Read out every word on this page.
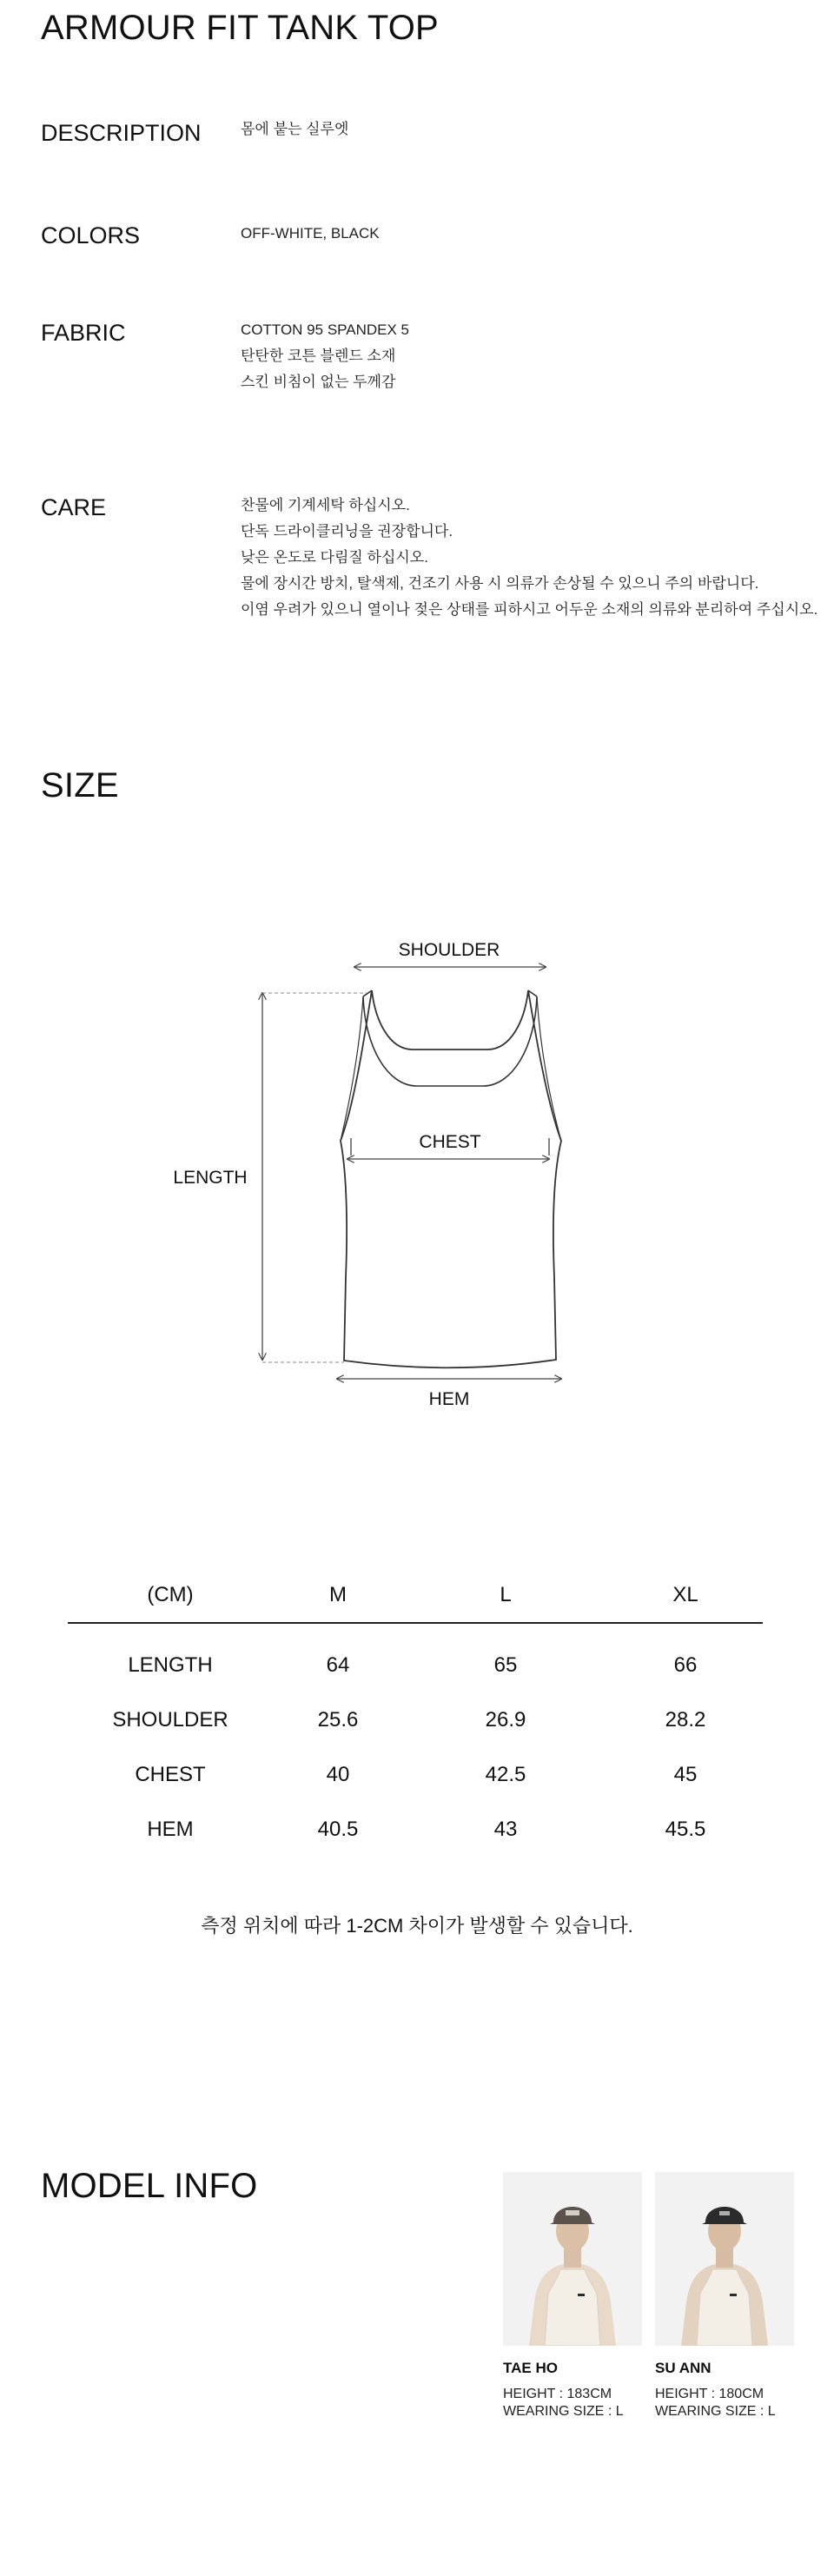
ARMOUR FIT TANK TOP
DESCRIPTION	몸에 붙는 실루엣
COLORS	OFF-WHITE, BLACK
FABRIC	COTTON 95 SPANDEX 5
탄탄한 코튼 블렌드 소재
스킨 비침이 없는 두께감
CARE	찬물에 기계세탁 하십시오.
단독 드라이클리닝을 권장합니다.
낮은 온도로 다림질 하십시오.
물에 장시간 방치, 탈색제, 건조기 사용 시 의류가 손상될 수 있으니 주의 바랍니다.
이염 우려가 있으니 열이나 젖은 상태를 피하시고 어두운 소재의 의류와 분리하여 주십시오.
SIZE
SHOULDER
LENGTH
CHEST
HEM
(CM)	M	L	XL
LENGTH	64	65	66
SHOULDER	25.6	26.9	28.2
CHEST	40	42.5	45
HEM	40.5	43	45.5
측정 위치에 따라 1-2CM 차이가 발생할 수 있습니다.
MODEL INFO
TAE HO
HEIGHT : 183CM
WEARING SIZE : L
SU ANN
HEIGHT : 180CM
WEARING SIZE : L
